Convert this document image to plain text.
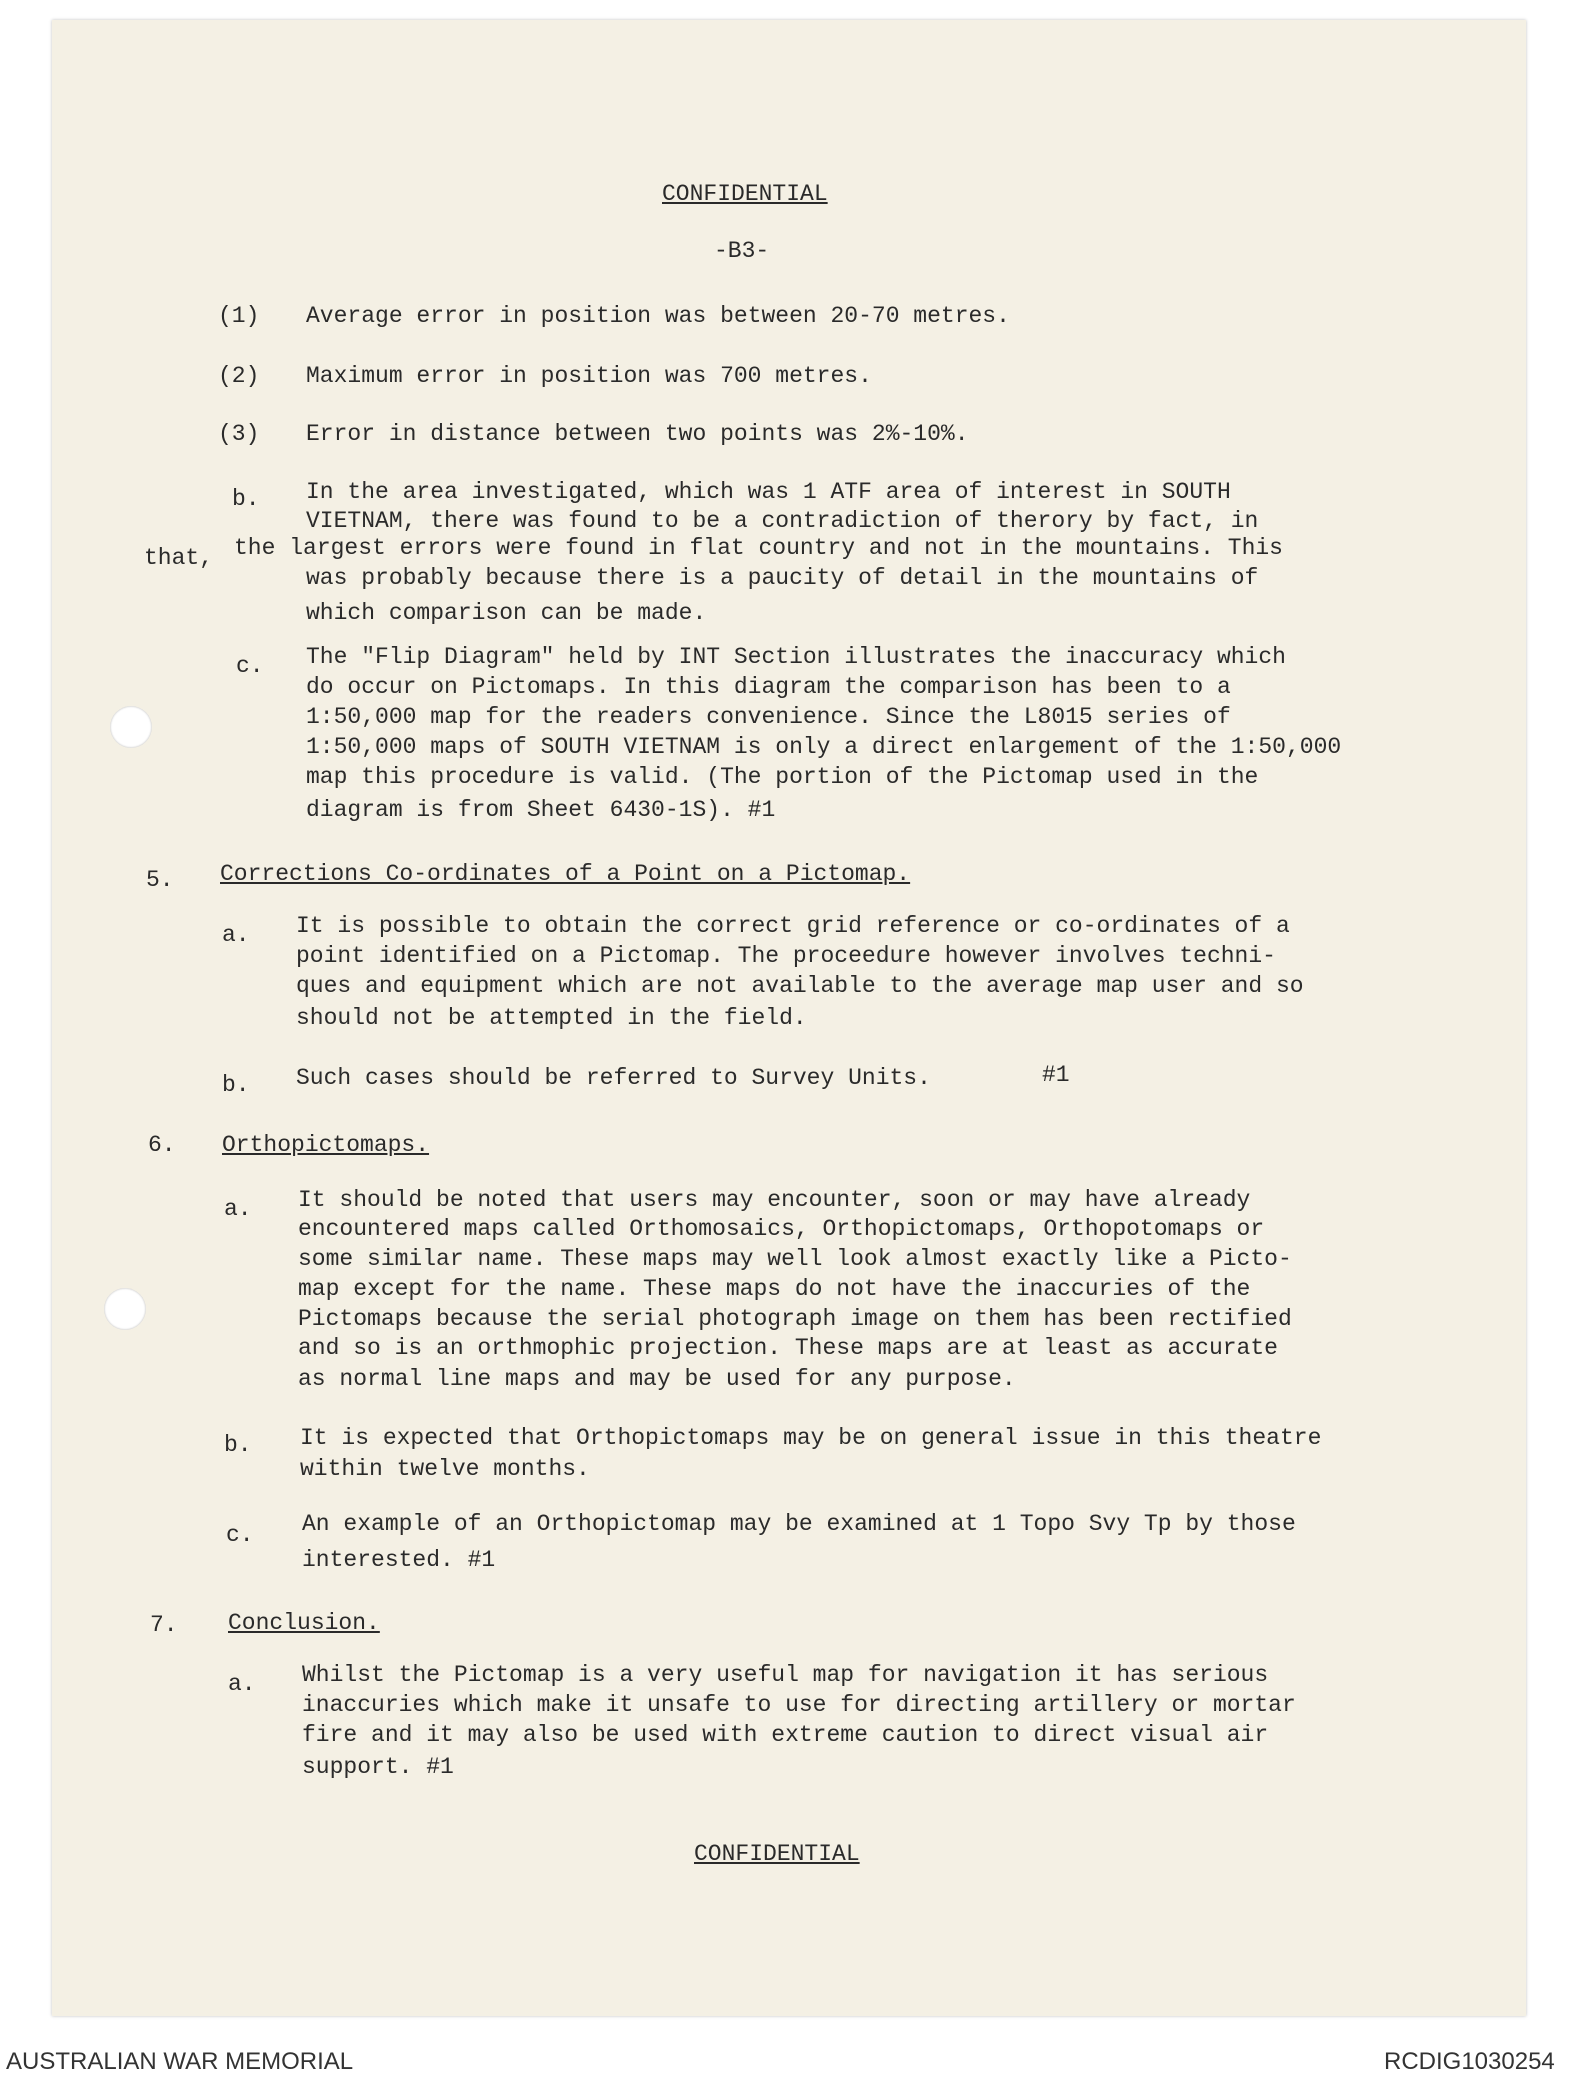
CONFIDENTIAL
-B3-
(1) Average error in position was between 20-70 metres.
(2) Maximum error in position was 700 metres.
(3) Error in distance between two points was 2%-10%.
b. In the area investigated, which was 1 ATF area of interest in SOUTH
VIETNAM, there was found to be a contradiction of therory by fact, in
that, the largest errors were found in flat country and not in the mountains. This
was probably because there is a paucity of detail in the mountains of
which comparison can be made.
c. The "Flip Diagram" held by INT Section illustrates the inaccuracy which
do occur on Pictomaps. In this diagram the comparison has been to a
1:50,000 map for the readers convenience. Since the L8015 series of
1:50,000 maps of SOUTH VIETNAM is only a direct enlargement of the 1:50,000
map this procedure is valid. (The portion of the Pictomap used in the
diagram is from Sheet 6430-1S). #1
5. Corrections Co-ordinates of a Point on a Pictomap.
a. It is possible to obtain the correct grid reference or co-ordinates of a
point identified on a Pictomap. The proceedure however involves techni-
ques and equipment which are not available to the average map user and so
should not be attempted in the field.
b. Such cases should be referred to Survey Units.	#1
6. Orthopictomaps.
a. It should be noted that users may encounter, soon or may have already
encountered maps called Orthomosaics, Orthopictomaps, Orthopotomaps or
some similar name. These maps may well look almost exactly like a Picto-
map except for the name. These maps do not have the inaccuries of the
Pictomaps because the serial photograph image on them has been rectified
and so is an orthmophic projection. These maps are at least as accurate
as normal line maps and may be used for any purpose.
b. It is expected that Orthopictomaps may be on general issue in this theatre
within twelve months.
c. An example of an Orthopictomap may be examined at 1 Topo Svy Tp by those
interested. #1
7. Conclusion.
a. Whilst the Pictomap is a very useful map for navigation it has serious
inaccuries which make it unsafe to use for directing artillery or mortar
fire and it may also be used with extreme caution to direct visual air
support. #1
CONFIDENTIAL
AUSTRALIAN WAR MEMORIAL	RCDIG1030254
